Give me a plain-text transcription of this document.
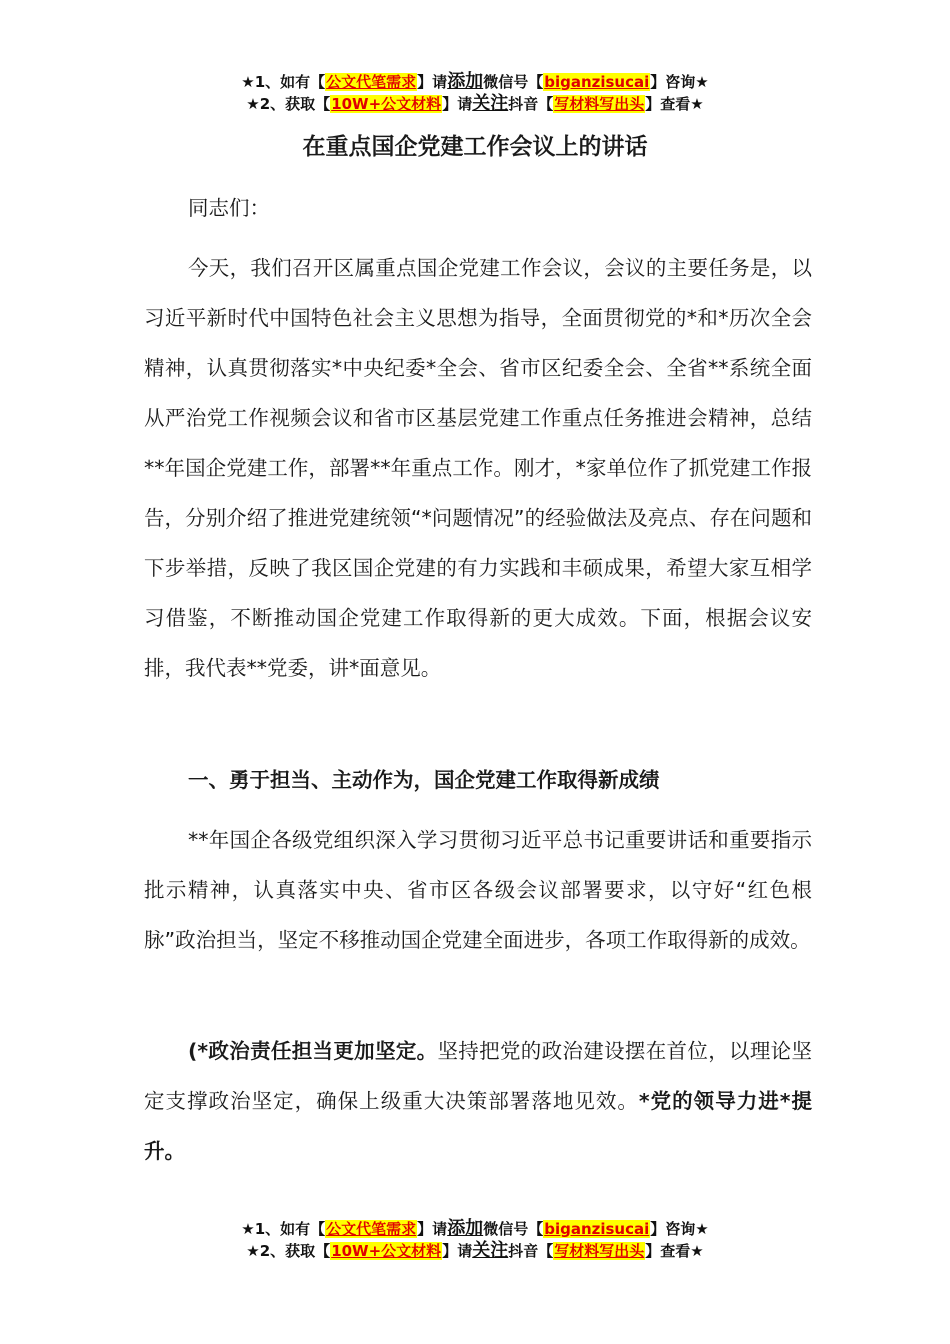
★1、如有【公文代笔需求】请添加微信号【biganzisucai】咨询★
★2、获取【10W+公文材料】请关注抖音【写材料写出头】查看★
在重点国企党建工作会议上的讲话

同志们：

今天，我们召开区属重点国企党建工作会议，会议的主要任务是，以习近平新时代中国特色社会主义思想为指导，全面贯彻党的*和*历次全会精神，认真贯彻落实*中央纪委*全会、省市区纪委全会、全省**系统全面从严治党工作视频会议和省市区基层党建工作重点任务推进会精神，总结**年国企党建工作，部署**年重点工作。刚才，*家单位作了抓党建工作报告，分别介绍了推进党建统领“*问题情况”的经验做法及亮点、存在问题和下步举措，反映了我区国企党建的有力实践和丰硕成果，希望大家互相学习借鉴，不断推动国企党建工作取得新的更大成效。下面，根据会议安排，我代表**党委，讲*面意见。

一、勇于担当、主动作为，国企党建工作取得新成绩

**年国企各级党组织深入学习贯彻习近平总书记重要讲话和重要指示批示精神，认真落实中央、省市区各级会议部署要求，以守好“红色根脉”政治担当，坚定不移推动国企党建全面进步，各项工作取得新的成效。

(*政治责任担当更加坚定。坚持把党的政治建设摆在首位，以理论坚定支撑政治坚定，确保上级重大决策部署落地见效。*党的领导力进*提升。

★1、如有【公文代笔需求】请添加微信号【biganzisucai】咨询★
★2、获取【10W+公文材料】请关注抖音【写材料写出头】查看★
